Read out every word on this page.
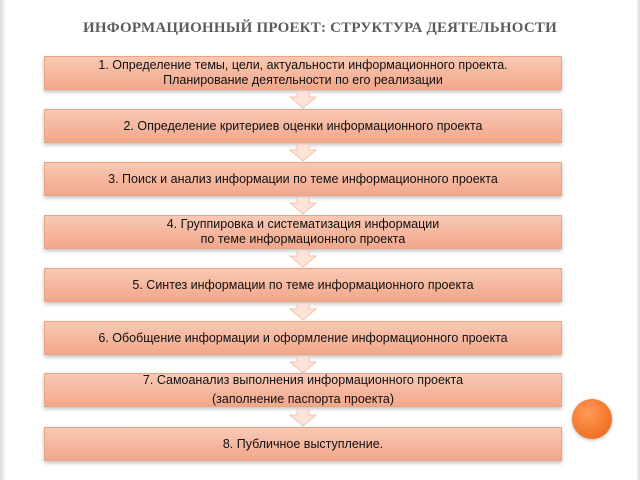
ИНФОРМАЦИОННЫЙ ПРОЕКТ: СТРУКТУРА ДЕЯТЕЛЬНОСТИ
1. Определение темы, цели, актуальности информационного проекта.
Планирование деятельности по его реализации
2. Определение критериев оценки информационного проекта
3. Поиск и анализ информации по теме информационного проекта
4. Группировка и систематизация информации
по теме информационного проекта
5. Синтез информации по теме информационного проекта
6. Обобщение информации и оформление информационного проекта
7. Самоанализ выполнения информационного проекта
(заполнение паспорта проекта)
8. Публичное выступление.
